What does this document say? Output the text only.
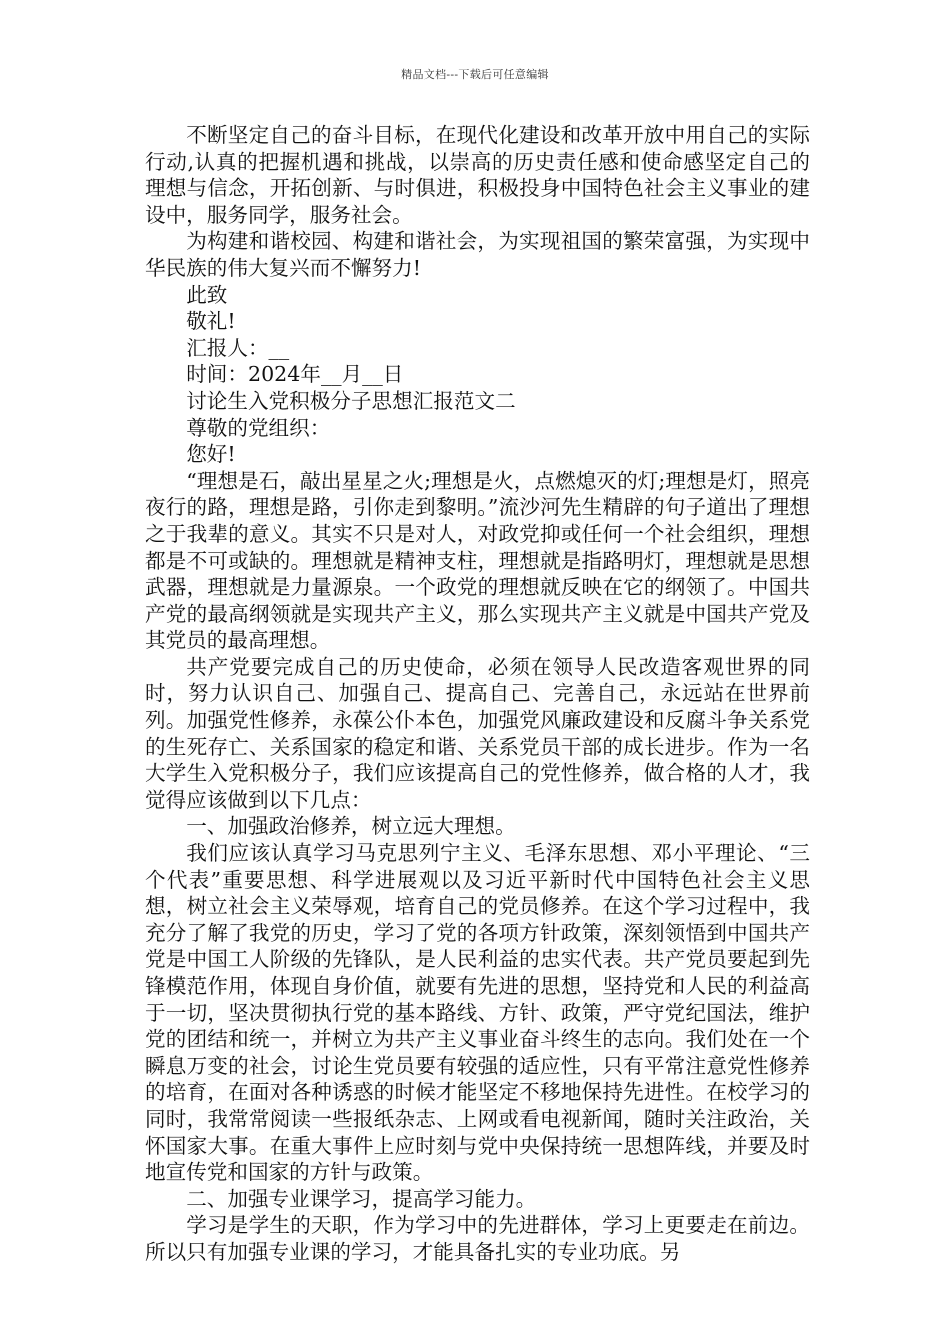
精品文档---下载后可任意编辑

不断坚定自己的奋斗目标，在现代化建设和改革开放中用自己的实际行动,认真的把握机遇和挑战，以崇高的历史责任感和使命感坚定自己的理想与信念，开拓创新、与时俱进，积极投身中国特色社会主义事业的建设中，服务同学，服务社会。

为构建和谐校园、构建和谐社会，为实现祖国的繁荣富强，为实现中华民族的伟大复兴而不懈努力!

此致

敬礼!

汇报人：__

时间：2024年__月__日

讨论生入党积极分子思想汇报范文二

尊敬的党组织：

您好!

“理想是石，敲出星星之火;理想是火，点燃熄灭的灯;理想是灯，照亮夜行的路，理想是路，引你走到黎明。”流沙河先生精辟的句子道出了理想之于我辈的意义。其实不只是对人，对政党抑或任何一个社会组织，理想都是不可或缺的。理想就是精神支柱，理想就是指路明灯，理想就是思想武器，理想就是力量源泉。一个政党的理想就反映在它的纲领了。中国共产党的最高纲领就是实现共产主义，那么实现共产主义就是中国共产党及其党员的最高理想。

共产党要完成自己的历史使命，必须在领导人民改造客观世界的同时，努力认识自己、加强自己、提高自己、完善自己，永远站在世界前列。加强党性修养，永葆公仆本色，加强党风廉政建设和反腐斗争关系党的生死存亡、关系国家的稳定和谐、关系党员干部的成长进步。作为一名大学生入党积极分子，我们应该提高自己的党性修养，做合格的人才，我觉得应该做到以下几点：

一、加强政治修养，树立远大理想。

我们应该认真学习马克思列宁主义、毛泽东思想、邓小平理论、“三个代表”重要思想、科学进展观以及习近平新时代中国特色社会主义思想，树立社会主义荣辱观，培育自己的党员修养。在这个学习过程中，我充分了解了我党的历史，学习了党的各项方针政策，深刻领悟到中国共产党是中国工人阶级的先锋队，是人民利益的忠实代表。共产党员要起到先锋模范作用，体现自身价值，就要有先进的思想，坚持党和人民的利益高于一切，坚决贯彻执行党的基本路线、方针、政策，严守党纪国法，维护党的团结和统一，并树立为共产主义事业奋斗终生的志向。我们处在一个瞬息万变的社会，讨论生党员要有较强的适应性，只有平常注意党性修养的培育，在面对各种诱惑的时候才能坚定不移地保持先进性。在校学习的同时，我常常阅读一些报纸杂志、上网或看电视新闻，随时关注政治，关怀国家大事。在重大事件上应时刻与党中央保持统一思想阵线，并要及时地宣传党和国家的方针与政策。

二、加强专业课学习，提高学习能力。

学习是学生的天职，作为学习中的先进群体，学习上更要走在前边。所以只有加强专业课的学习，才能具备扎实的专业功底。另
